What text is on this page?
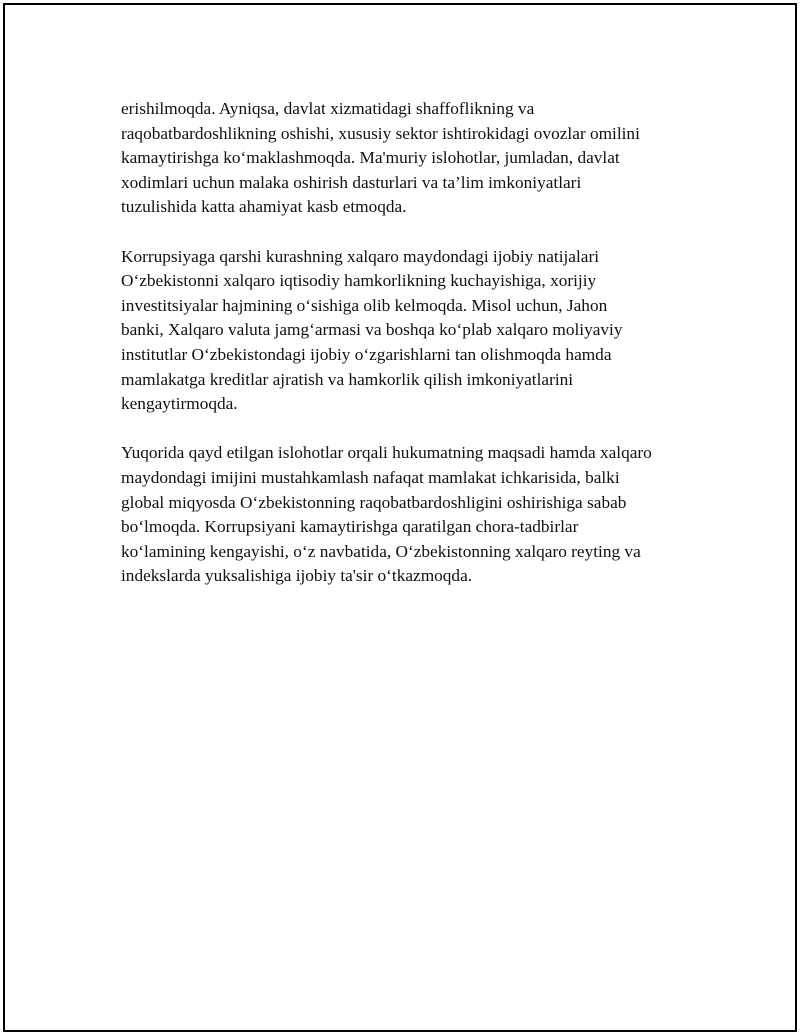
erishilmoqda. Ayniqsa, davlat xizmatidagi shaffoflikning va
raqobatbardoshlikning oshishi, xususiy sektor ishtirokidagi ovozlar omilini
kamaytirishga ko‘maklashmoqda. Ma'muriy islohotlar, jumladan, davlat
xodimlari uchun malaka oshirish dasturlari va ta’lim imkoniyatlari
tuzulishida katta ahamiyat kasb etmoqda.

Korrupsiyaga qarshi kurashning xalqaro maydondagi ijobiy natijalari
O‘zbekistonni xalqaro iqtisodiy hamkorlikning kuchayishiga, xorijiy
investitsiyalar hajmining o‘sishiga olib kelmoqda. Misol uchun, Jahon
banki, Xalqaro valuta jamg‘armasi va boshqa ko‘plab xalqaro moliyaviy
institutlar O‘zbekistondagi ijobiy o‘zgarishlarni tan olishmoqda hamda
mamlakatga kreditlar ajratish va hamkorlik qilish imkoniyatlarini
kengaytirmoqda.

Yuqorida qayd etilgan islohotlar orqali hukumatning maqsadi hamda xalqaro
maydondagi imijini mustahkamlash nafaqat mamlakat ichkarisida, balki
global miqyosda O‘zbekistonning raqobatbardoshligini oshirishiga sabab
bo‘lmoqda. Korrupsiyani kamaytirishga qaratilgan chora-tadbirlar
ko‘lamining kengayishi, o‘z navbatida, O‘zbekistonning xalqaro reyting va
indekslarda yuksalishiga ijobiy ta'sir o‘tkazmoqda.
